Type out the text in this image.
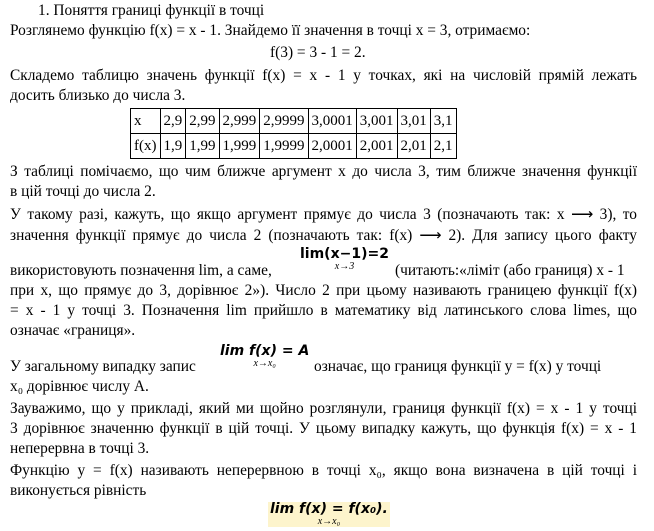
1. Поняття границі функції в точці
Розглянемо функцію f(x) = x - 1. Знайдемо її значення в точці x = 3, отримаємо:
f(3) = 3 - 1 = 2.
Складемо таблицю значень функції f(x) = x - 1 у точках, які на числовій прямій лежать
досить близько до числа 3.
x	2,9	2,99	2,999	2,9999	3,0001	3,001	3,01	3,1
f(x)	1,9	1,99	1,999	1,9999	2,0001	2,001	2,01	2,1
З таблиці помічаємо, що чим ближче аргумент x до числа 3, тим ближче значення функції
в цій точці до числа 2.
У такому разі, кажуть, що якщо аргумент прямує до числа 3 (позначають так: x ⟶ 3), то
значення функції прямує до числа 2 (позначають так: f(x) ⟶ 2). Для запису цього факту
використовують позначення lim, а саме,
lim(x−1)=2
x→3	(читають:«ліміт (або границя) x - 1
при x, що прямує до 3, дорівнює 2»). Число 2 при цьому називають границею функції f(x)
= x - 1 у точці 3. Позначення lim прийшло в математику від латинського слова limes, що
означає «границя».
У загальному випадку запис
lim f(x) = A
x→x₀	означає, що границя функції y = f(x) у точці
x₀ дорівнює числу A.
Зауважимо, що у прикладі, який ми щойно розглянули, границя функції f(x) = x - 1 у точці
3 дорівнює значенню функції в цій точці. У цьому випадку кажуть, що функція f(x) = x - 1
неперервна в точці 3.
Функцію y = f(x) називають неперервною в точці x₀, якщо вона визначена в цій точці і
виконується рівність
lim f(x) = f(x₀).
x→x₀
